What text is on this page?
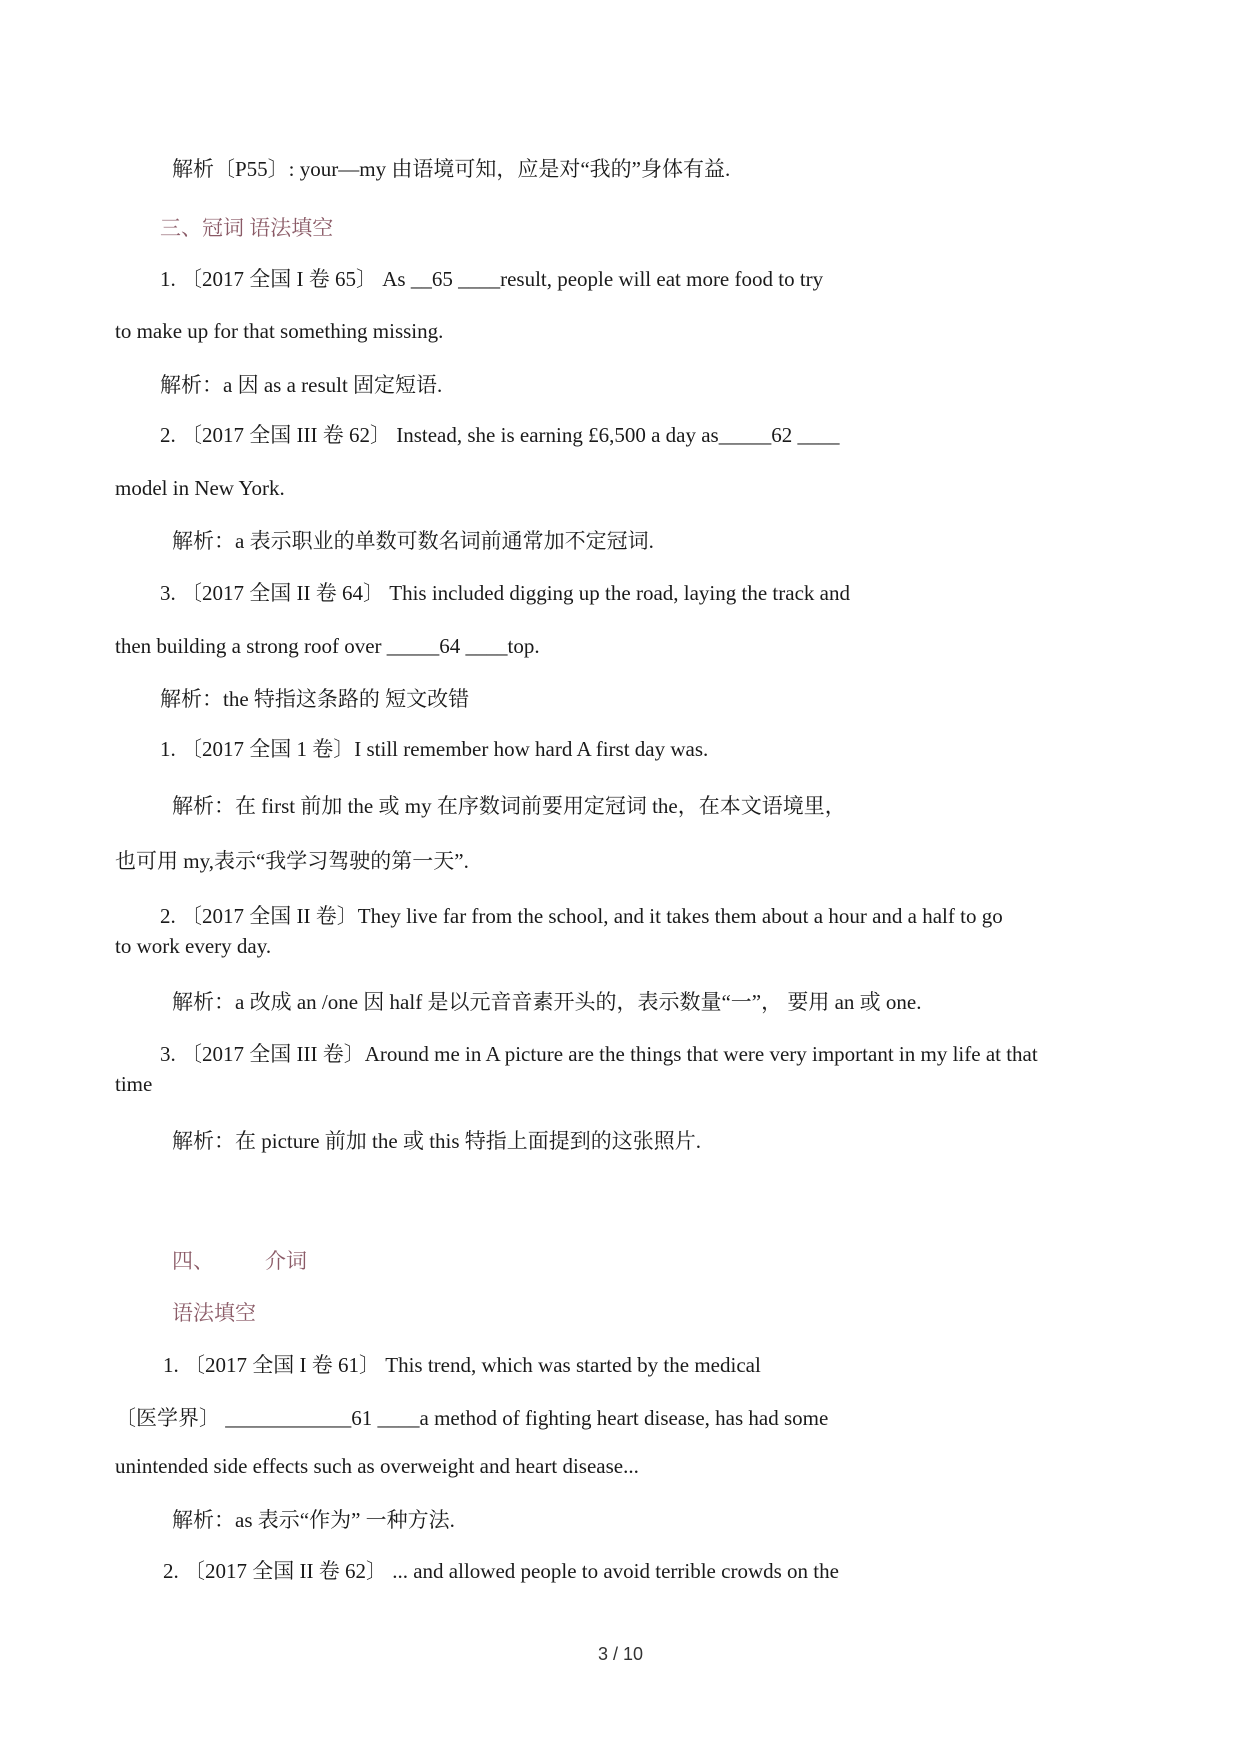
解析〔P55〕: your—my 由语境可知，应是对“我的”身体有益.
三、冠词 语法填空
1. 〔2017 全国 I 卷 65〕 As __65 ____result, people will eat more food to try
to make up for that something missing.
解析：a 因 as a result 固定短语.
2. 〔2017 全国 III 卷 62〕 Instead, she is earning £6,500 a day as_____62 ____
model in New York.
解析：a 表示职业的单数可数名词前通常加不定冠词.
3. 〔2017 全国 II 卷 64〕 This included digging up the road, laying the track and
then building a strong roof over _____64 ____top.
解析：the 特指这条路的 短文改错
1. 〔2017 全国 1 卷〕I still remember how hard A first day was.
解析：在 first 前加 the 或 my 在序数词前要用定冠词 the，在本文语境里，
也可用 my,表示“我学习驾驶的第一天”.
2. 〔2017 全国 II 卷〕They live far from the school, and it takes them about a hour and a half to go
to work every day.
解析：a 改成 an /one 因 half 是以元音音素开头的，表示数量“一”， 要用 an 或 one.
3. 〔2017 全国 III 卷〕Around me in A picture are the things that were very important in my life at that
time
解析：在 picture 前加 the 或 this 特指上面提到的这张照片.
四、 介词
语法填空
1. 〔2017 全国 I 卷 61〕 This trend, which was started by the medical
〔医学界〕 ____________61 ____a method of fighting heart disease, has had some
unintended side effects such as overweight and heart disease...
解析：as 表示“作为” 一种方法.
2. 〔2017 全国 II 卷 62〕 ... and allowed people to avoid terrible crowds on the
3 / 10
